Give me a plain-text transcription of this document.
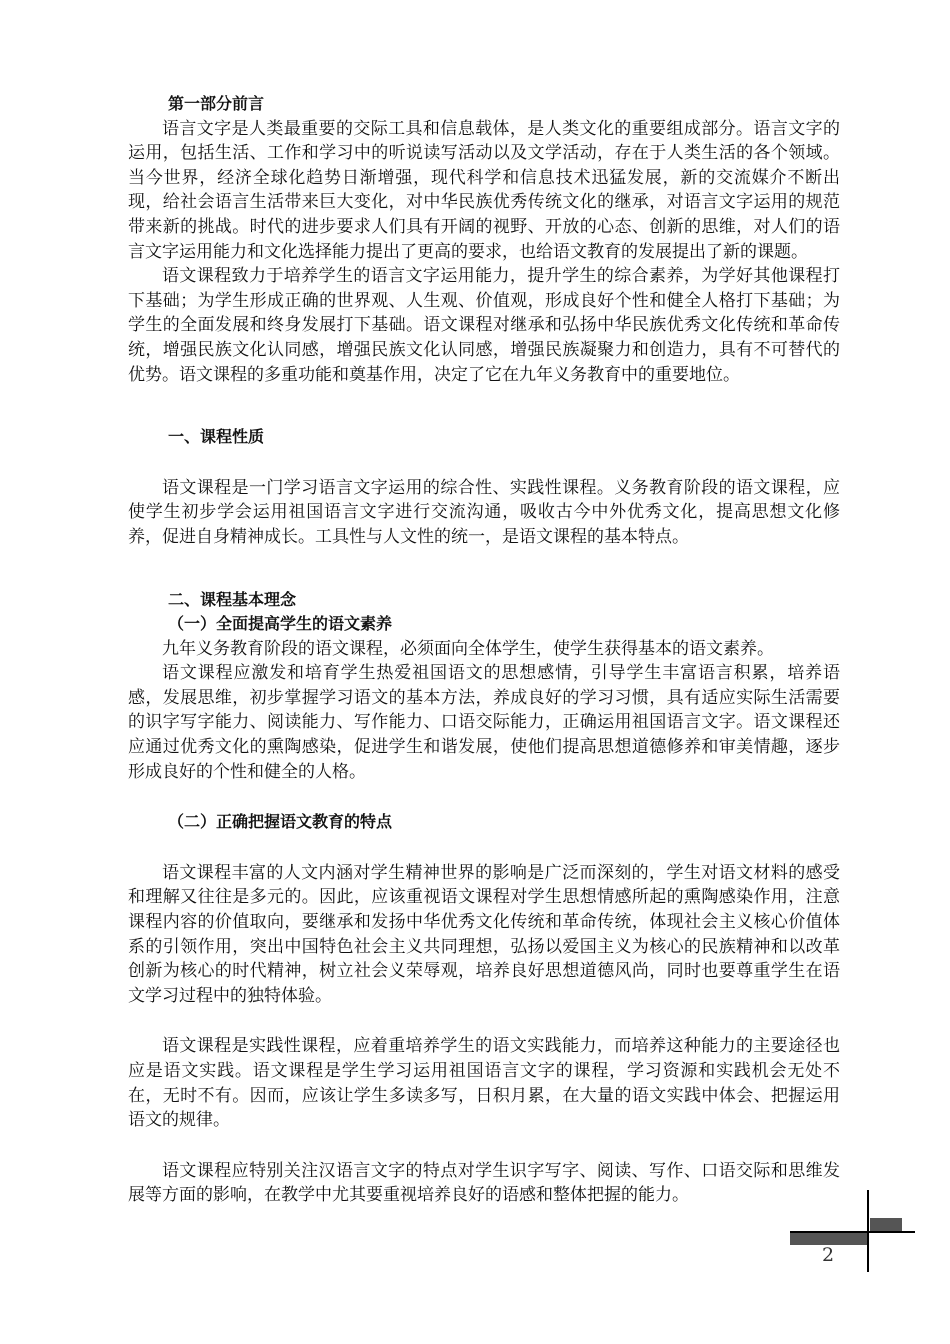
第一部分前言

语言文字是人类最重要的交际工具和信息载体，是人类文化的重要组成部分。语言文字的运用，包括生活、工作和学习中的听说读写活动以及文学活动，存在于人类生活的各个领域。当今世界，经济全球化趋势日渐增强，现代科学和信息技术迅猛发展，新的交流媒介不断出现，给社会语言生活带来巨大变化，对中华民族优秀传统文化的继承，对语言文字运用的规范带来新的挑战。时代的进步要求人们具有开阔的视野、开放的心态、创新的思维，对人们的语言文字运用能力和文化选择能力提出了更高的要求，也给语文教育的发展提出了新的课题。

语文课程致力于培养学生的语言文字运用能力，提升学生的综合素养，为学好其他课程打下基础；为学生形成正确的世界观、人生观、价值观，形成良好个性和健全人格打下基础；为学生的全面发展和终身发展打下基础。语文课程对继承和弘扬中华民族优秀文化传统和革命传统，增强民族文化认同感，增强民族文化认同感，增强民族凝聚力和创造力，具有不可替代的优势。语文课程的多重功能和奠基作用，决定了它在九年义务教育中的重要地位。

一、课程性质

语文课程是一门学习语言文字运用的综合性、实践性课程。义务教育阶段的语文课程，应使学生初步学会运用祖国语言文字进行交流沟通，吸收古今中外优秀文化，提高思想文化修养，促进自身精神成长。工具性与人文性的统一，是语文课程的基本特点。

二、课程基本理念
（一）全面提高学生的语文素养

九年义务教育阶段的语文课程，必须面向全体学生，使学生获得基本的语文素养。

语文课程应激发和培育学生热爱祖国语文的思想感情，引导学生丰富语言积累，培养语感，发展思维，初步掌握学习语文的基本方法，养成良好的学习习惯，具有适应实际生活需要的识字写字能力、阅读能力、写作能力、口语交际能力，正确运用祖国语言文字。语文课程还应通过优秀文化的熏陶感染，促进学生和谐发展，使他们提高思想道德修养和审美情趣，逐步形成良好的个性和健全的人格。

（二）正确把握语文教育的特点

语文课程丰富的人文内涵对学生精神世界的影响是广泛而深刻的，学生对语文材料的感受和理解又往往是多元的。因此，应该重视语文课程对学生思想情感所起的熏陶感染作用，注意课程内容的价值取向，要继承和发扬中华优秀文化传统和革命传统，体现社会主义核心价值体系的引领作用，突出中国特色社会主义共同理想，弘扬以爱国主义为核心的民族精神和以改革创新为核心的时代精神，树立社会义荣辱观，培养良好思想道德风尚，同时也要尊重学生在语文学习过程中的独特体验。

语文课程是实践性课程，应着重培养学生的语文实践能力，而培养这种能力的主要途径也应是语文实践。语文课程是学生学习运用祖国语言文字的课程，学习资源和实践机会无处不在，无时不有。因而，应该让学生多读多写，日积月累，在大量的语文实践中体会、把握运用语文的规律。

语文课程应特别关注汉语言文字的特点对学生识字写字、阅读、写作、口语交际和思维发展等方面的影响，在教学中尤其要重视培养良好的语感和整体把握的能力。

2
